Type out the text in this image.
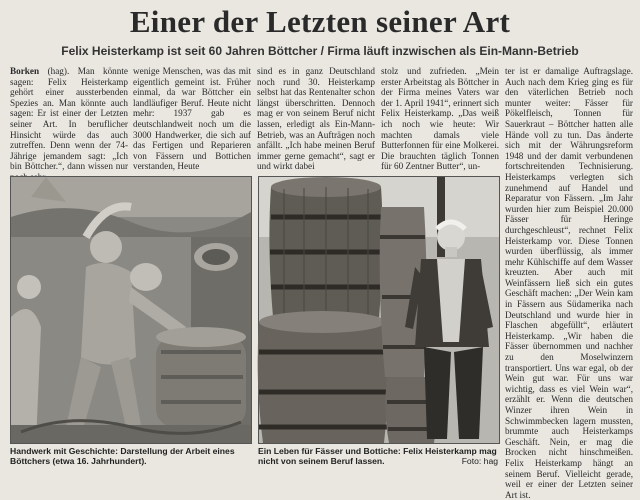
Einer der Letzten seiner Art
Felix Heisterkamp ist seit 60 Jahren Böttcher / Firma läuft inzwischen als Ein-Mann-Betrieb
Borken (hag). Man könnte sagen: Felix Heisterkamp gehört einer aussterbenden Spezies an. Man könnte auch sagen: Er ist einer der Letzten seiner Art. In beruflicher Hinsicht würde das auch zutreffen. Denn wenn der 74-Jährige jemandem sagt: „Ich bin Böttcher.“, dann wissen nur
wenige Menschen, was das mit eigentlich gemeint ist. Früher einmal, da war Böttcher ein landläufiger Beruf. Heute nicht mehr: 1937 gab es deutschlandweit noch um die 3000 Handwerker, die sich auf das Fertigen und Reparieren von Fässern und Bottichen verstanden, Heute
sind es in ganz Deutschland noch rund 30. Heisterkamp selbst hat das Rentenalter schon längst überschritten. Dennoch mag er von seinem Beruf nicht lassen, erledigt als Ein-Mann-Betrieb, was an Aufträgen noch anfällt. „Ich habe meinen Beruf immer gerne gemacht“, sagt er und wirkt dabei
stolz und zufrieden. „Mein erster Arbeitstag als Böttcher in der Firma meines Vaters war der 1. April 1941“, erinnert sich Felix Heisterkamp. „Das weiß ich noch wie heute: Wir machten damals viele Butterfonnen für eine Molkerei. Die brauchten täglich Tonnen für 60 Zentner Butter“, un-
ter ist er damalige Auftragslage. Auch nach dem Krieg ging es für den väterlichen Betrieb noch munter weiter: Fässer für Pökelfleisch, Tonnen für Sauerkraut – Böttcher hatten alle Hände voll zu tun. Das änderte sich mit der Währungsreform 1948 und der damit verbundenen fortschreitenden Technisierung. Heisterkamps verlegten sich zunehmend auf Handel und Reparatur von Fässern. „Im Jahr wurden hier zum Beispiel 20.000 Fässer für Heringe durchgeschleust“, rechnet Felix Heisterkamp vor. Diese Tonnen wurden überflüssig, als immer mehr Kühlschiffe auf dem Wasser kreuzten. Aber auch mit Weinfässern ließ sich ein gutes Geschäft machen: „Der Wein kam in Fässern aus Südamerika nach Deutschland und wurde hier in Flaschen abgefüllt“, erläutert Heisterkamp. „Wir haben die Fässer übernommen und nachher zu den Moselwinzern transportiert. Uns war egal, ob der Wein gut war. Für uns war wichtig, dass es viel Wein war“, erzählt er. Wenn die deutschen Winzer ihren Wein in Schwimmbecken lagern mussten, brummte auch Heisterkamps Geschäft. Nein, er mag die Brocken nicht hinschmeißen. Felix Heisterkamp hängt an seinem Beruf. Vielleicht gerade, weil er einer der Letzten seiner Art ist.
Handwerk mit Geschichte: Darstellung der Arbeit eines Böttchers (etwa 16. Jahrhundert).
Ein Leben für Fässer und Bottiche: Felix Heisterkamp mag nicht von seinem Beruf lassen.	Foto: hag
